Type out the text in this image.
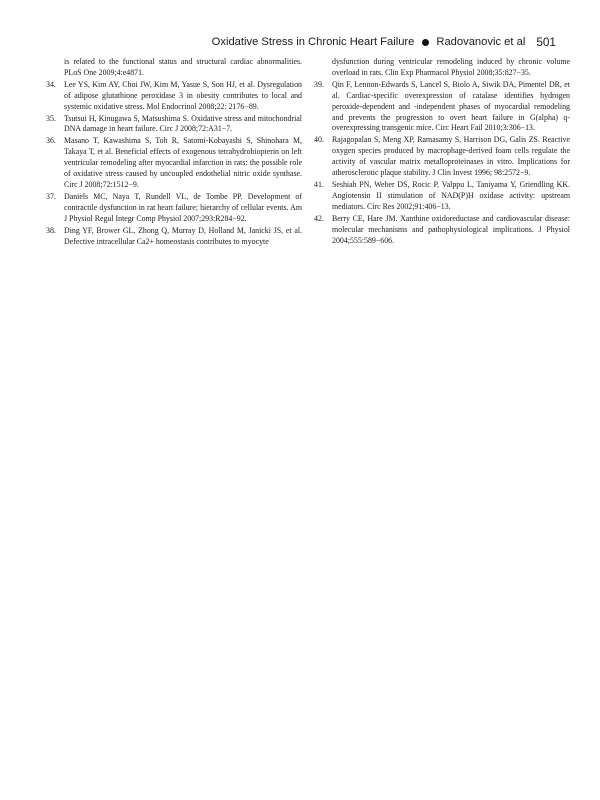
Oxidative Stress in Chronic Heart Failure Radovanovic et al 501
is related to the functional status and structural cardiac abnormalities. PLoS One 2009;4:e4871.
34. Lee YS, Kim AY, Choi JW, Kim M, Yasue S, Son HJ, et al. Dysregulation of adipose glutathione peroxidase 3 in obesity contributes to local and systemic oxidative stress. Mol Endocrinol 2008;22: 2176−89.
35. Tsutsui H, Kinugawa S, Matsushima S. Oxidative stress and mitochondrial DNA damage in heart failure. Circ J 2008;72:A31−7.
36. Masano T, Kawashima S, Toh R, Satomi-Kobayashi S, Shinohara M, Takaya T, et al. Beneficial effects of exogenous tetrahydrobiopterin on left ventricular remodeling after myocardial infarction in rats: the possible role of oxidative stress caused by uncoupled endothelial nitric oxide synthase. Circ J 2008;72:1512−9.
37. Daniels MC, Naya T, Rundell VL, de Tombe PP. Development of contractile dysfunction in rat heart failure; hierarchy of cellular events. Am J Physiol Regul Integr Comp Physiol 2007;293:R284−92.
38. Ding YF, Brower GL, Zhong Q, Murray D, Holland M, Janicki JS, et al. Defective intracellular Ca2+ homeostasis contributes to myocyte
dysfunction during ventricular remodeling induced by chronic volume overload in rats. Clin Exp Pharmacol Physiol 2008;35:827−35.
39. Qin F, Lennon-Edwards S, Lancel S, Biolo A, Siwik DA, Pimentel DR, et al. Cardiac-specific overexpression of catalase identifies hydrogen peroxide-dependent and -independent phases of myocardial remodeling and prevents the progression to overt heart failure in G(alpha) q-overexpressing transgenic mice. Circ Heart Fail 2010;3:306−13.
40. Rajagopalan S, Meng XP, Ramasamy S, Harrison DG, Galis ZS. Reactive oxygen species produced by macrophage-derived foam cells regulate the activity of vascular matrix metalloproteinases in vitro. Implications for atherosclerotic plaque stability. J Clin Invest 1996; 98:2572−9.
41. Seshiah PN, Weber DS, Rocic P, Valppu L, Taniyama Y, Griendling KK. Angiotensin II stimulation of NAD(P)H oxidase activity: upstream mediators. Circ Res 2002;91:406−13.
42. Berry CE, Hare JM. Xanthine oxidoreductase and cardiovascular disease: molecular mechanisms and pathophysiological implications. J Physiol 2004;555:589−606.
